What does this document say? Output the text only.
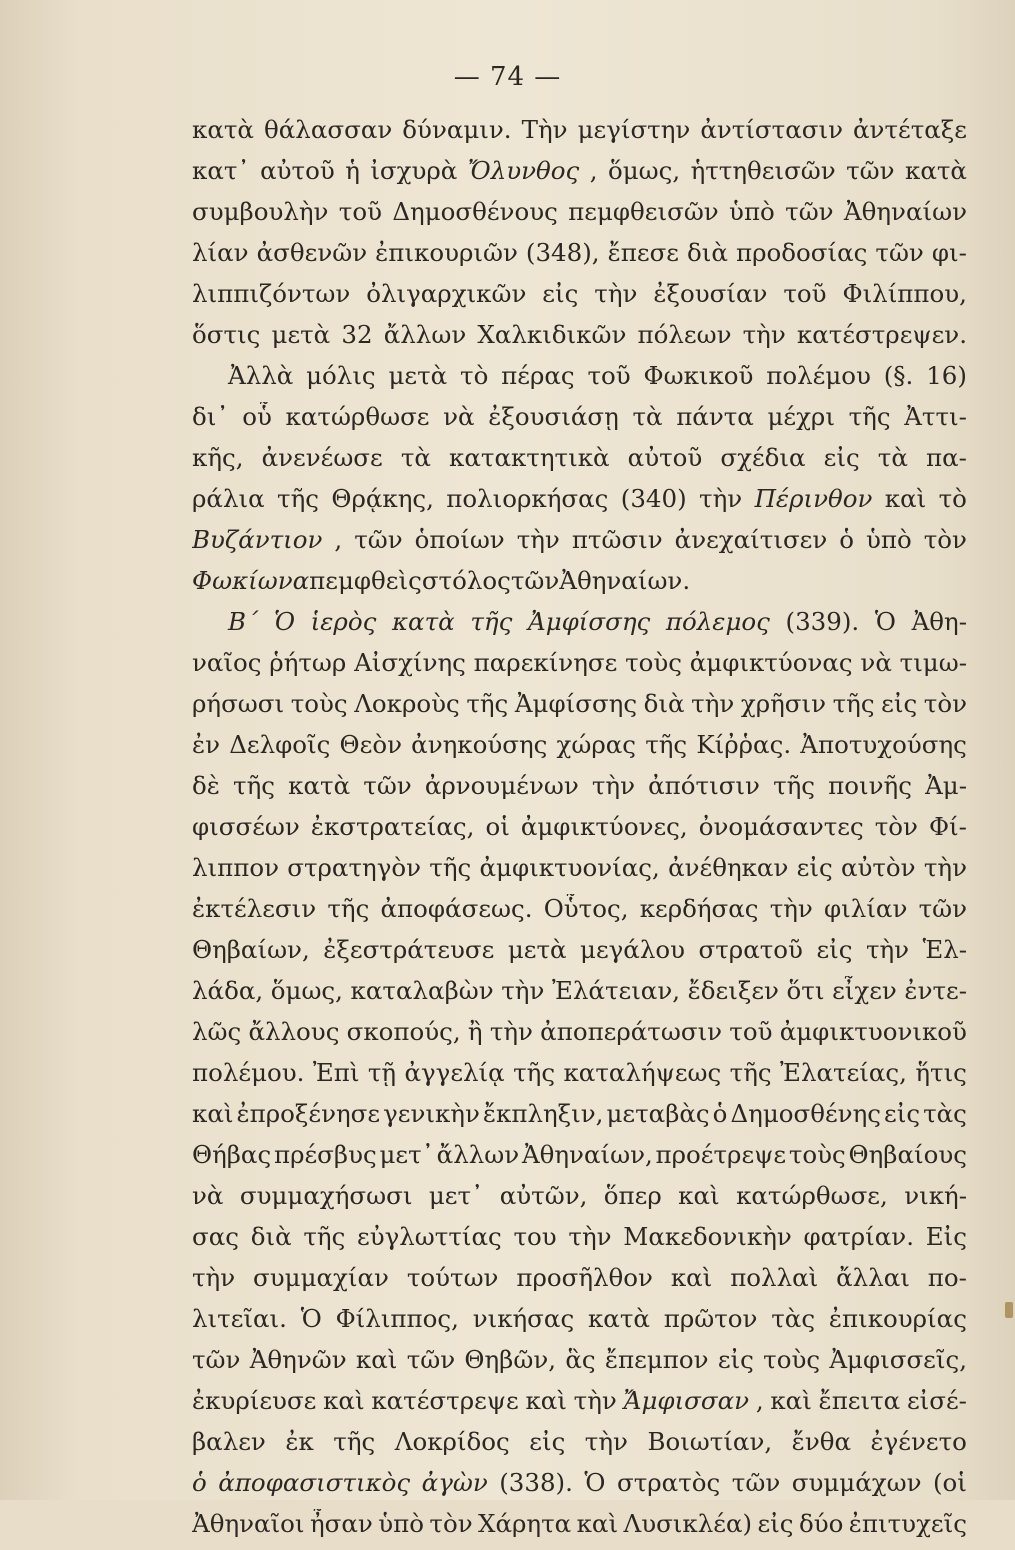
— 74 —
κατὰ θάλασσαν δύναμιν. Τὴν μεγίστην ἀντίστασιν ἀντέταξε
κατ᾿ αὐτοῦ ἡ ἰσχυρὰ Ὄλυνθος , ὅμως, ἡττηθεισῶν τῶν κατὰ
συμβουλὴν τοῦ Δημοσθένους πεμφθεισῶν ὑπὸ τῶν Ἀθηναίων
λίαν ἀσθενῶν ἐπικουριῶν (348), ἔπεσε διὰ προδοσίας τῶν φι-
λιππιζόντων ὀλιγαρχικῶν εἰς τὴν ἐξουσίαν τοῦ Φιλίππου,
ὅστις μετὰ 32 ἄλλων Χαλκιδικῶν πόλεων τὴν κατέστρεψεν.
Ἀλλὰ μόλις μετὰ τὸ πέρας τοῦ Φωκικοῦ πολέμου (§. 16)
δι᾿ οὗ κατώρθωσε νὰ ἐξουσιάσῃ τὰ πάντα μέχρι τῆς Ἀττι-
κῆς, ἀνενέωσε τὰ κατακτητικὰ αὐτοῦ σχέδια εἰς τὰ πα-
ράλια τῆς Θρᾴκης, πολιορκήσας (340) τὴν Πέρινθον καὶ τὸ
Βυζάντιον , τῶν ὁποίων τὴν πτῶσιν ἀνεχαίτισεν ὁ ὑπὸ τὸν
Φωκίωνα πεμφθεὶς στόλος τῶν Ἀθηναίων.
Β´ Ὁ ἱερὸς κατὰ τῆς Ἀμφίσσης πόλεμος (339). Ὁ Ἀθη-
ναῖος ῥήτωρ Αἰσχίνης παρεκίνησε τοὺς ἀμφικτύονας νὰ τιμω-
ρήσωσι τοὺς Λοκροὺς τῆς Ἀμφίσσης διὰ τὴν χρῆσιν τῆς εἰς τὸν
ἐν Δελφοῖς Θεὸν ἀνηκούσης χώρας τῆς Κίῤῥας. Ἀποτυχούσης
δὲ τῆς κατὰ τῶν ἀρνουμένων τὴν ἀπότισιν τῆς ποινῆς Ἀμ-
φισσέων ἐκστρατείας, οἱ ἀμφικτύονες, ὀνομάσαντες τὸν Φί-
λιππον στρατηγὸν τῆς ἀμφικτυονίας, ἀνέθηκαν εἰς αὐτὸν τὴν
ἐκτέλεσιν τῆς ἀποφάσεως. Οὗτος, κερδήσας τὴν φιλίαν τῶν
Θηβαίων, ἐξεστράτευσε μετὰ μεγάλου στρατοῦ εἰς τὴν Ἑλ-
λάδα, ὅμως, καταλαβὼν τὴν Ἐλάτειαν, ἔδειξεν ὅτι εἶχεν ἐντε-
λῶς ἄλλους σκοπούς, ἢ τὴν ἀποπεράτωσιν τοῦ ἀμφικτυονικοῦ
πολέμου. Ἐπὶ τῇ ἀγγελίᾳ τῆς καταλήψεως τῆς Ἐλατείας, ἥτις
καὶ ἐπροξένησε γενικὴν ἔκπληξιν, μεταβὰς ὁ Δημοσθένης εἰς τὰς
Θήβας πρέσβυς μετ᾿ ἄλλων Ἀθηναίων, προέτρεψε τοὺς Θηβαίους
νὰ συμμαχήσωσι μετ᾿ αὐτῶν, ὅπερ καὶ κατώρθωσε, νική-
σας διὰ τῆς εὐγλωττίας του τὴν Μακεδονικὴν φατρίαν. Εἰς
τὴν συμμαχίαν τούτων προσῆλθον καὶ πολλαὶ ἄλλαι πο-
λιτεῖαι. Ὁ Φίλιππος, νικήσας κατὰ πρῶτον τὰς ἐπικουρίας
τῶν Ἀθηνῶν καὶ τῶν Θηβῶν, ἃς ἔπεμπον εἰς τοὺς Ἀμφισσεῖς,
ἐκυρίευσε καὶ κατέστρεψε καὶ τὴν Ἄμφισσαν , καὶ ἔπειτα εἰσέ-
βαλεν ἐκ τῆς Λοκρίδος εἰς τὴν Βοιωτίαν, ἔνθα ἐγένετο
ὁ ἀποφασιστικὸς ἀγὼν (338). Ὁ στρατὸς τῶν συμμάχων (οἱ
Ἀθηναῖοι ἦσαν ὑπὸ τὸν Χάρητα καὶ Λυσικλέα) εἰς δύο ἐπιτυχεῖς
